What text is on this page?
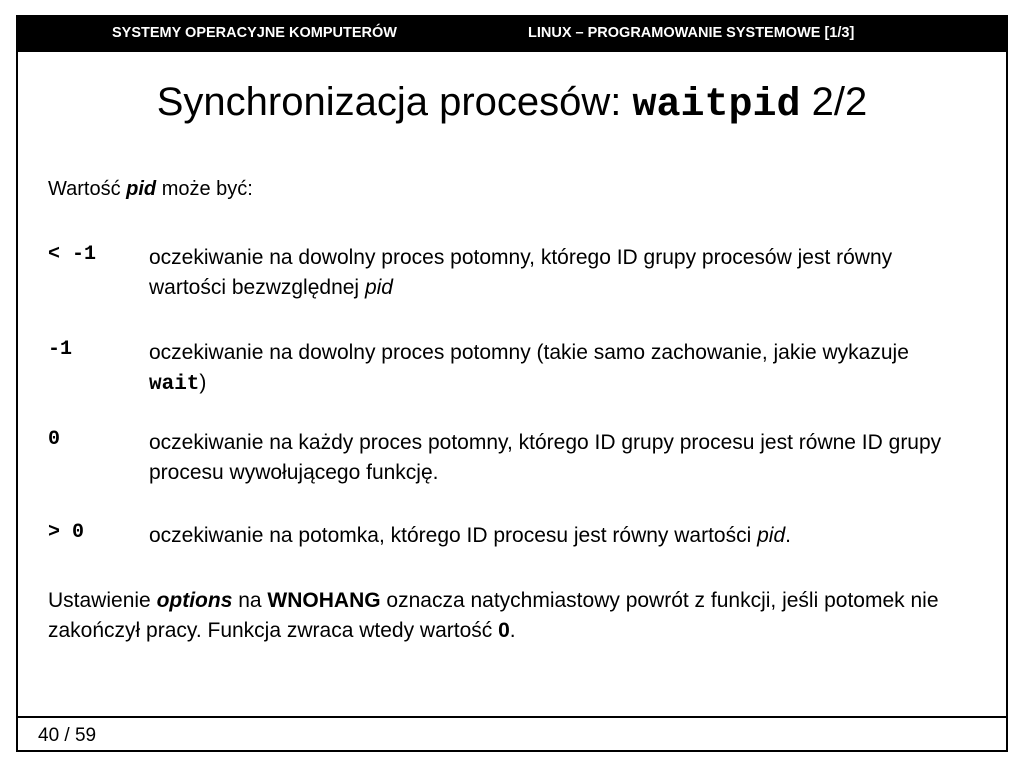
SYSTEMY OPERACYJNE KOMPUTERÓW	LINUX – PROGRAMOWANIE SYSTEMOWE [1/3]
Synchronizacja procesów: waitpid 2/2
Wartość pid może być:
< -1	oczekiwanie na dowolny proces potomny, którego ID grupy procesów jest równy wartości bezwzględnej pid
-1	oczekiwanie na dowolny proces potomny (takie samo zachowanie, jakie wykazuje wait)
0	oczekiwanie na każdy proces potomny, którego ID grupy procesu jest równe ID grupy procesu wywołującego funkcję.
> 0	oczekiwanie na potomka, którego ID procesu jest równy wartości pid.
Ustawienie options na WNOHANG oznacza natychmiastowy powrót z funkcji, jeśli potomek nie zakończył pracy. Funkcja zwraca wtedy wartość 0.
40 / 59
